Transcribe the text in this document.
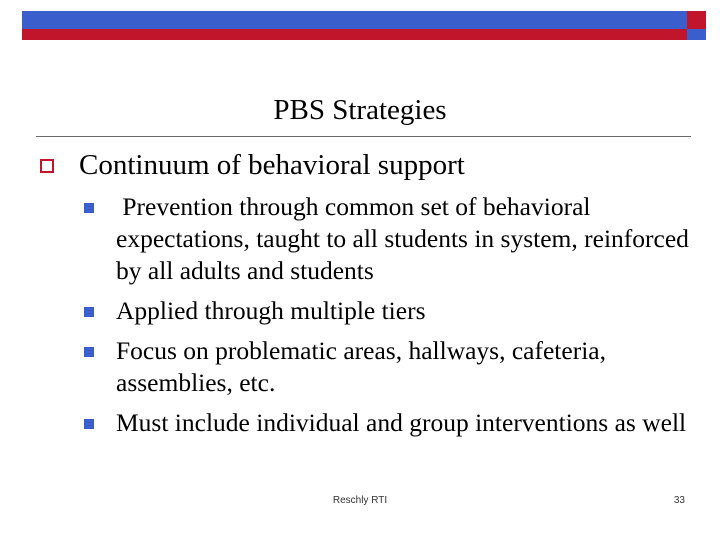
PBS Strategies
Continuum of behavioral support
Prevention through common set of behavioral expectations, taught to all students in system, reinforced by all adults and students
Applied through multiple tiers
Focus on problematic areas, hallways, cafeteria, assemblies, etc.
Must include individual and group interventions as well
Reschly RTI	33
